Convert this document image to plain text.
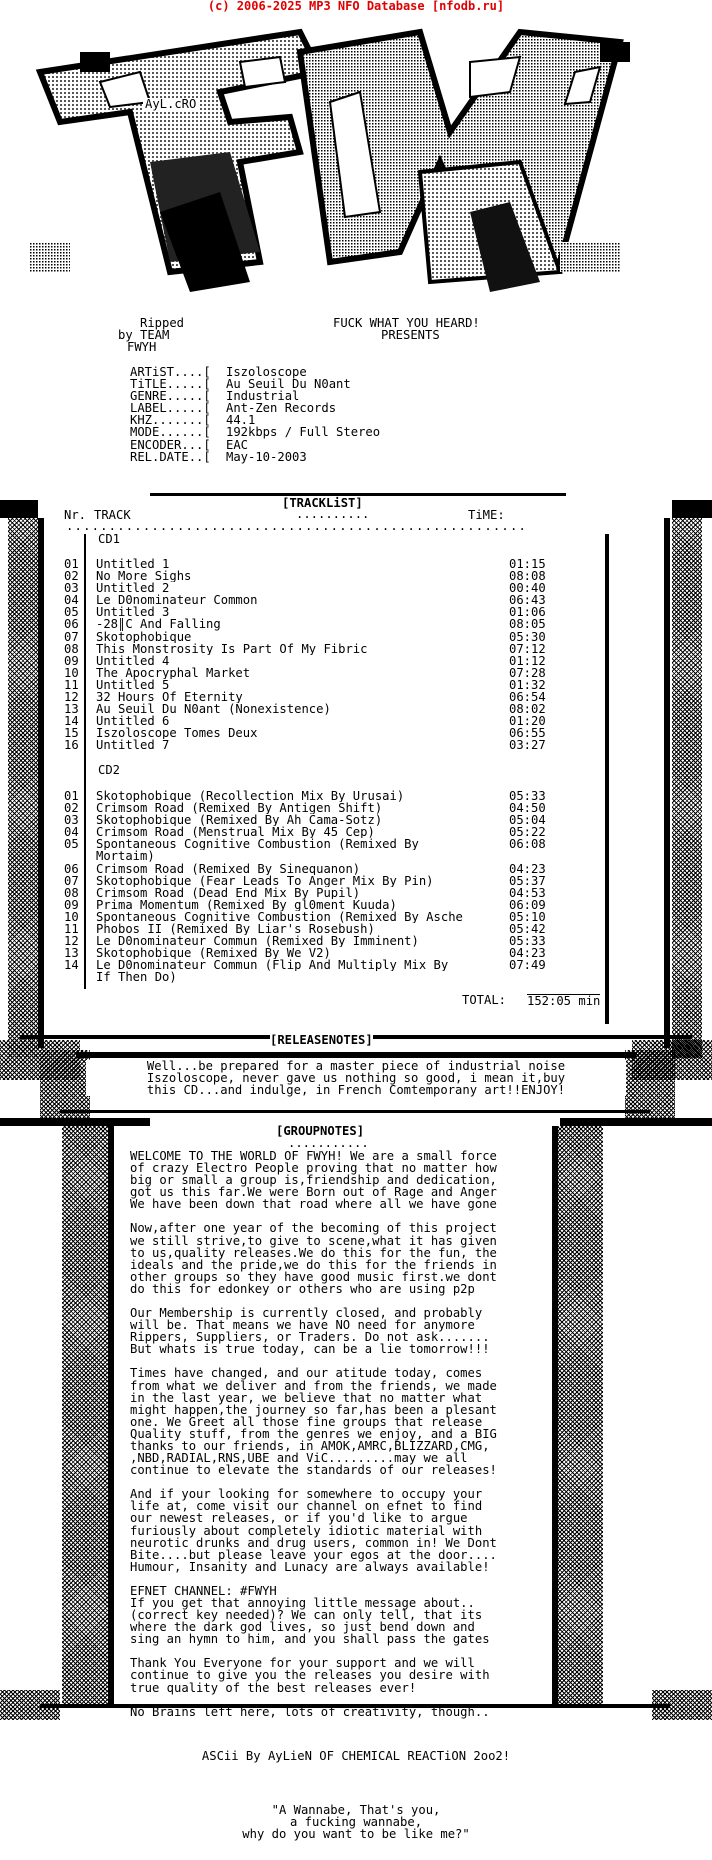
(c) 2006-2025 MP3 NFO Database [nfodb.ru]
AyL.cRO
Ripped
by TEAM
FWYH
FUCK WHAT YOU HEARD!
PRESENTS
ARTiST....[	Iszoloscope
TiTLE.....[	Au Seuil Du N0ant
GENRE.....[	Industrial
LABEL.....[	Ant-Zen Records
KHZ.......[	44.1
MODE......[	192kbps / Full Stereo
ENCODER...[	EAC
REL.DATE..[	May-10-2003
[TRACKLiST]
..........
Nr. TRACK	TiME:
......................................................
CD1
01	Untitled 1	01:15
02	No More Sighs	08:08
03	Untitled 2	00:40
04	Le D0nominateur Common	06:43
05	Untitled 3	01:06
06	-28║C And Falling	08:05
07	Skotophobique	05:30
08	This Monstrosity Is Part Of My Fibric	07:12
09	Untitled 4	01:12
10	The Apocryphal Market	07:28
11	Untitled 5	01:32
12	32 Hours Of Eternity	06:54
13	Au Seuil Du N0ant (Nonexistence)	08:02
14	Untitled 6	01:20
15	Iszoloscope Tomes Deux	06:55
16	Untitled 7	03:27
CD2
01	Skotophobique (Recollection Mix By Urusai)	05:33
02	Crimsom Road (Remixed By Antigen Shift)	04:50
03	Skotophobique (Remixed By Ah Cama-Sotz)	05:04
04	Crimsom Road (Menstrual Mix By 45 Cep)	05:22
05	Spontaneous Cognitive Combustion (Remixed By	06:08
Mortaim)
06	Crimsom Road (Remixed By Sinequanon)	04:23
07	Skotophobique (Fear Leads To Anger Mix By Pin)	05:37
08	Crimsom Road (Dead End Mix By Pupil)	04:53
09	Prima Momentum (Remixed By gl0ment Kuuda)	06:09
10	Spontaneous Cognitive Combustion (Remixed By Asche	05:10
11	Phobos II (Remixed By Liar's Rosebush)	05:42
12	Le D0nominateur Commun (Remixed By Imminent)	05:33
13	Skotophobique (Remixed By We V2)	04:23
14	Le D0nominateur Commun (Flip And Multiply Mix By	07:49
If Then Do)
TOTAL: 152:05 min
[RELEASENOTES]
............
Well...be prepared for a master piece of industrial noise
Iszoloscope, never gave us nothing so good, i mean it,buy
this CD...and indulge, in French Comtemporany art!!ENJOY!
[GROUPNOTES]
...........
WELCOME TO THE WORLD OF FWYH! We are a small force
of crazy Electro People proving that no matter how
big or small a group is,friendship and dedication,
got us this far.We were Born out of Rage and Anger
We have been down that road where all we have gone
Now,after one year of the becoming of this project
we still strive,to give to scene,what it has given
to us,quality releases.We do this for the fun, the
ideals and the pride,we do this for the friends in
other groups so they have good music first.we dont
do this for edonkey or others who are using p2p
Our Membership is currently closed, and probably
will be. That means we have NO need for anymore
Rippers, Suppliers, or Traders. Do not ask.......
But whats is true today, can be a lie tomorrow!!!
Times have changed, and our atitude today, comes
from what we deliver and from the friends, we made
in the last year, we believe that no matter what
might happen,the journey so far,has been a plesant
one. We Greet all those fine groups that release
Quality stuff, from the genres we enjoy, and a BIG
thanks to our friends, in AMOK,AMRC,BLIZZARD,CMG,
,NBD,RADIAL,RNS,UBE and ViC.........may we all
continue to elevate the standards of our releases!
And if your looking for somewhere to occupy your
life at, come visit our channel on efnet to find
our newest releases, or if you'd like to argue
furiously about completely idiotic material with
neurotic drunks and drug users, common in! We Dont
Bite....but please leave your egos at the door....
Humour, Insanity and Lunacy are always available!
EFNET CHANNEL: #FWYH
If you get that annoying little message about..
(correct key needed)? We can only tell, that its
where the dark god lives, so just bend down and
sing an hymn to him, and you shall pass the gates
Thank You Everyone for your support and we will
continue to give you the releases you desire with
true quality of the best releases ever!
No Brains left here, lots of creativity, though..
ASCii By AyLieN OF CHEMICAL REACTiON 2oo2!
"A Wannabe, That's you,
a fucking wannabe,
why do you want to be like me?"
